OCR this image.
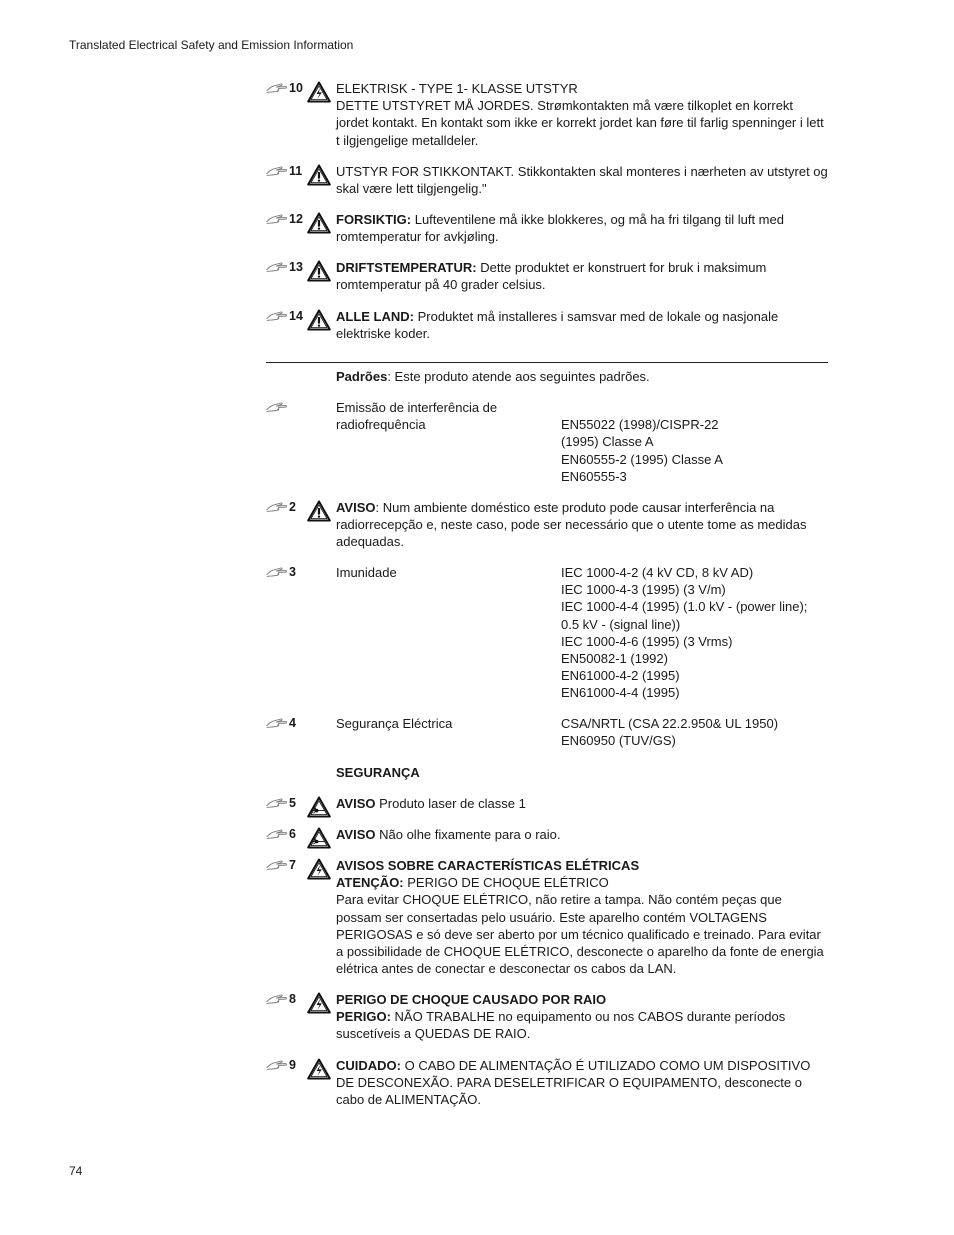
Translated Electrical Safety and Emission Information
10	ELEKTRISK - TYPE 1- KLASSE UTSTYR

DETTE UTSTYRET MÅ JORDES. Strømkontakten må være tilkoplet en korrekt jordet kontakt. En kontakt som ikke er korrekt jordet kan føre til farlig spenninger i lett t ilgjengelige metalldeler.

11	UTSTYR FOR STIKKONTAKT. Stikkontakten skal monteres i nærheten av utstyret og skal være lett tilgjengelig."

12	FORSIKTIG: Lufteventilene må ikke blokkeres, og må ha fri tilgang til luft med romtemperatur for avkjøling.

13	DRIFTSTEMPERATUR: Dette produktet er konstruert for bruk i maksimum romtemperatur på 40 grader celsius.

14	ALLE LAND: Produktet må installeres i samsvar med de lokale og nasjonale elektriske koder.

Padrões: Este produto atende aos seguintes padrões.

Emissão de interferência de
radiofrequência	EN55022 (1998)/CISPR-22
(1995) Classe A
EN60555-2 (1995) Classe A
EN60555-3
2	AVISO: Num ambiente doméstico este produto pode causar interferência na radiorrecepção e, neste caso, pode ser necessário que o utente tome as medidas adequadas.

3	Imunidade	IEC 1000-4-2 (4 kV CD, 8 kV AD)
IEC 1000-4-3 (1995) (3 V/m)
IEC 1000-4-4 (1995) (1.0 kV - (power line);
0.5 kV - (signal line))
IEC 1000-4-6 (1995) (3 Vrms)
EN50082-1 (1992)
EN61000-4-2 (1995)
EN61000-4-4 (1995)
4	Segurança Eléctrica	CSA/NRTL (CSA 22.2.950& UL 1950)
EN60950 (TUV/GS)

SEGURANÇA

5	AVISO Produto laser de classe 1

6	AVISO Não olhe fixamente para o raio.

7	AVISOS SOBRE CARACTERÍSTICAS ELÉTRICAS

ATENÇÃO: PERIGO DE CHOQUE ELÉTRICO

Para evitar CHOQUE ELÉTRICO, não retire a tampa. Não contém peças que possam ser consertadas pelo usuário. Este aparelho contém VOLTAGENS PERIGOSAS e só deve ser aberto por um técnico qualificado e treinado. Para evitar a possibilidade de CHOQUE ELÉTRICO, desconecte o aparelho da fonte de energia elétrica antes de conectar e desconectar os cabos da LAN.

8	PERIGO DE CHOQUE CAUSADO POR RAIO

PERIGO: NÃO TRABALHE no equipamento ou nos CABOS durante períodos suscetíveis a QUEDAS DE RAIO.

9	CUIDADO: O CABO DE ALIMENTAÇÃO É UTILIZADO COMO UM DISPOSITIVO DE DESCONEXÃO. PARA DESELETRIFICAR O EQUIPAMENTO, desconecte o cabo de ALIMENTAÇÃO.

74
